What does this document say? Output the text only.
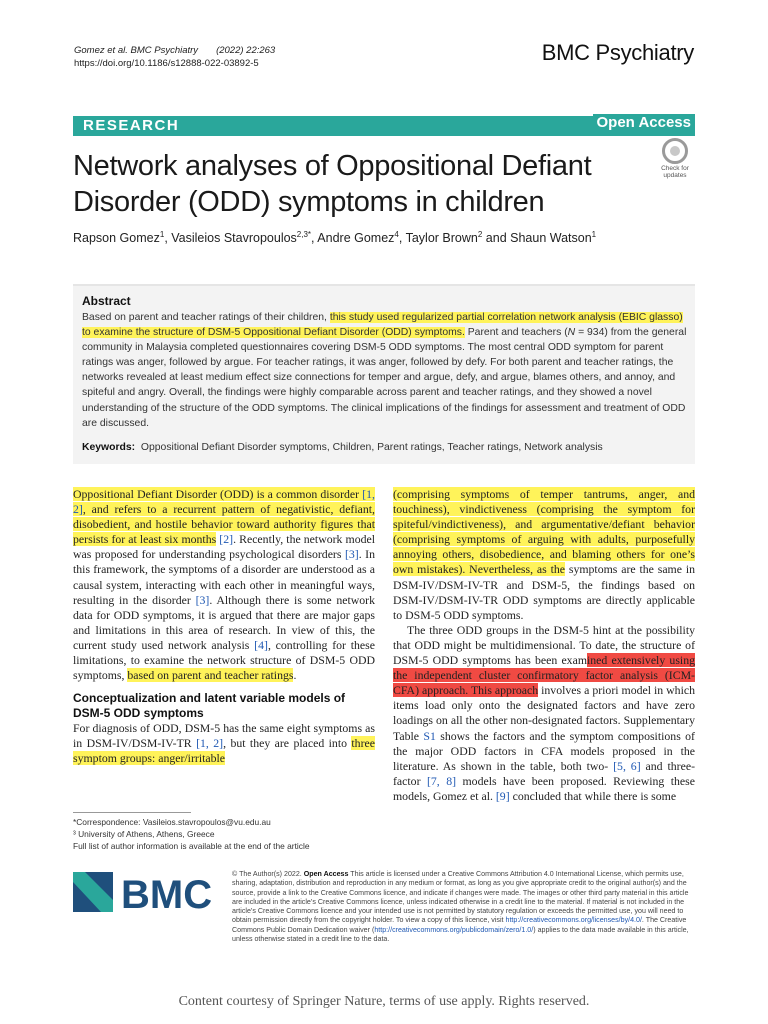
Gomez et al. BMC Psychiatry (2022) 22:263
https://doi.org/10.1186/s12888-022-03892-5	BMC Psychiatry
RESEARCH	Open Access
Network analyses of Oppositional Defiant Disorder (ODD) symptoms in children
Check for
updates
Rapson Gomez$^1$, Vasileios Stavropoulos$^{2,3*}$, Andre Gomez$^4$, Taylor Brown$^2$ and Shaun Watson$^1$
Abstract
Based on parent and teacher ratings of their children, this study used regularized partial correlation network analysis (EBIC glasso) to examine the structure of DSM-5 Oppositional Defiant Disorder (ODD) symptoms. Parent and teachers (N = 934) from the general community in Malaysia completed questionnaires covering DSM-5 ODD symptoms. The most central ODD symptom for parent ratings was anger, followed by argue. For teacher ratings, it was anger, followed by defy. For both parent and teacher ratings, the networks revealed at least medium effect size connections for temper and argue, defy, and argue, blames others, and annoy, and spiteful and angry. Overall, the findings were highly comparable across parent and teacher ratings, and they showed a novel understanding of the structure of the ODD symptoms. The clinical implications of the findings for assessment and treatment of ODD are discussed.
Keywords: Oppositional Defiant Disorder symptoms, Children, Parent ratings, Teacher ratings, Network analysis

Oppositional Defiant Disorder (ODD) is a common disorder [1, 2], and refers to a recurrent pattern of negativistic, defiant, disobedient, and hostile behavior toward authority figures that persists for at least six months [2]. Recently, the network model was proposed for understanding psychological disorders [3]. In this framework, the symptoms of a disorder are understood as a causal system, interacting with each other in meaningful ways, resulting in the disorder [3]. Although there is some network data for ODD symptoms, it is argued that there are major gaps and limitations in this area of research. In view of this, the current study used network analysis [4], controlling for these limitations, to examine the network structure of DSM-5 ODD symptoms, based on parent and teacher ratings.

Conceptualization and latent variable models of DSM-5 ODD symptoms

For diagnosis of ODD, DSM-5 has the same eight symptoms as in DSM-IV/DSM-IV-TR [1, 2], but they are placed into three symptom groups: anger/irritable

(comprising symptoms of temper tantrums, anger, and touchiness), vindictiveness (comprising the symptom for spiteful/vindictiveness), and argumentative/defiant behavior (comprising symptoms of arguing with adults, purposefully annoying others, disobedience, and blaming others for one’s own mistakes). Nevertheless, as the symptoms are the same in DSM-IV/DSM-IV-TR and DSM-5, the findings based on DSM-IV/DSM-IV-TR ODD symptoms are directly applicable to DSM-5 ODD symptoms.

The three ODD groups in the DSM-5 hint at the possibility that ODD might be multidimensional. To date, the structure of DSM-5 ODD symptoms has been examined extensively using the independent cluster confirmatory factor analysis (ICM-CFA) approach. This approach involves a priori model in which items load only onto the designated factors and have zero loadings on all the other non-designated factors. Supplementary Table S1 shows the factors and the symptom compositions of the major ODD factors in CFA models proposed in the literature. As shown in the table, both two- [5, 6] and three-factor [7, 8] models have been proposed. Reviewing these models, Gomez et al. [9] concluded that while there is some

*Correspondence: Vasileios.stavropoulos@vu.edu.au
³ University of Athens, Athens, Greece
Full list of author information is available at the end of the article
BMC	© The Author(s) 2022. Open Access This article is licensed under a Creative Commons Attribution 4.0 International License, which permits use, sharing, adaptation, distribution and reproduction in any medium or format, as long as you give appropriate credit to the original author(s) and the source, provide a link to the Creative Commons licence, and indicate if changes were made. The images or other third party material in this article are included in the article’s Creative Commons licence, unless indicated otherwise in a credit line to the material. If material is not included in the article’s Creative Commons licence and your intended use is not permitted by statutory regulation or exceeds the permitted use, you will need to obtain permission directly from the copyright holder. To view a copy of this licence, visit http://creativecommons.org/licenses/by/4.0/. The Creative Commons Public Domain Dedication waiver (http://creativecommons.org/publicdomain/zero/1.0/) applies to the data made available in this article, unless otherwise stated in a credit line to the data.
Content courtesy of Springer Nature, terms of use apply. Rights reserved.
